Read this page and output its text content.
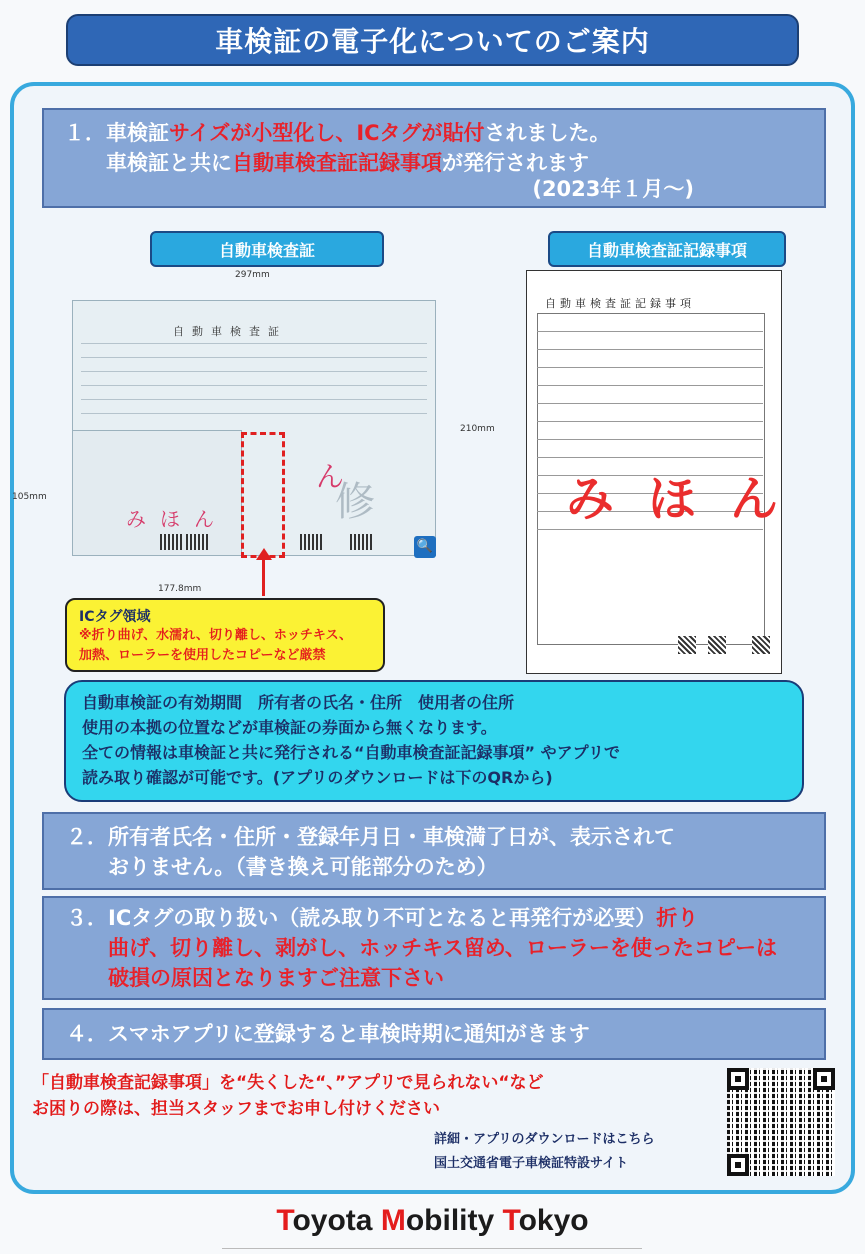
車検証の電子化についてのご案内
１．車検証サイズが小型化し、ICタグが貼付されました。
車検証と共に自動車検査証記録事項が発行されます
(2023年１月～)
自動車検査証	自動車検査証記録事項
297mm
210mm
105mm
177.8mm
自動車検査証
みほん
ん
修
🔍
ICタグ領域
※折り曲げ、水濡れ、切り離し、ホッチキス、
加熱、ローラーを使用したコピーなど厳禁
自動車検査証記録事項
みほん
自動車検証の有効期間　所有者の氏名・住所　使用者の住所
使用の本拠の位置などが車検証の券面から無くなります。
全ての情報は車検証と共に発行される“自動車検査証記録事項” やアプリで
読み取り確認が可能です。(アプリのダウンロードは下のQRから)
２．所有者氏名・住所・登録年月日・車検満了日が、表示されて
おりません。（書き換え可能部分のため）
３．ICタグの取り扱い（読み取り不可となると再発行が必要）折り
曲げ、切り離し、剥がし、ホッチキス留め、ローラーを使ったコピーは
破損の原因となりますご注意下さい
４．スマホアプリに登録すると車検時期に通知がきます
「自動車検査記録事項」を“失くした“、”アプリで見られない“など
お困りの際は、担当スタッフまでお申し付けください
詳細・アプリのダウンロードはこちら
国土交通省電子車検証特設サイト
Toyota Mobility Tokyo
